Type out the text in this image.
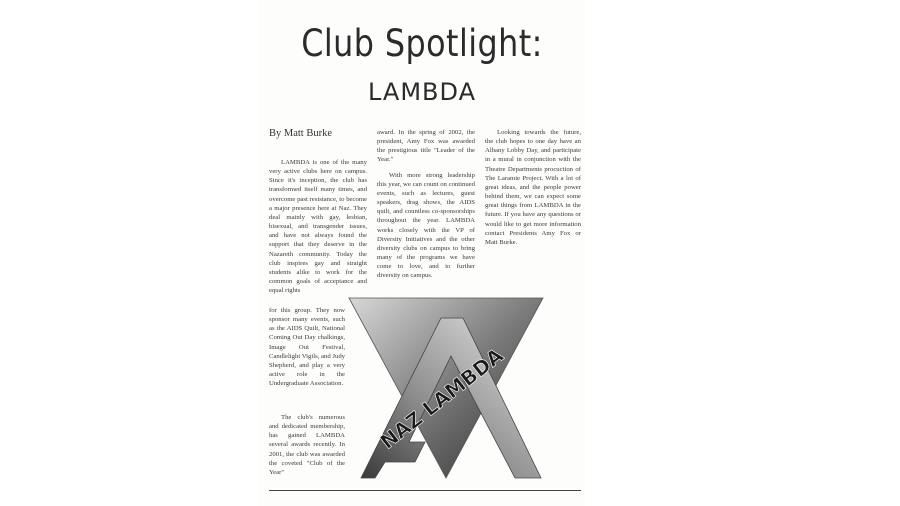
Club Spotlight:
LAMBDA
By Matt Burke

LAMBDA is one of the many very active clubs here on campus. Since it's inception, the club has transformed itself many times, and overcome past resistance, to become a major presence here at Naz. They deal mainly with gay, lesbian, bisexual, and transgender issues, and have not always found the support that they deserve in the Nazareth community. Today the club inspires gay and straight students alike to work for the common goals of acceptance and equal rights

for this group. They now sponsor many events, such as the AIDS Quilt, National Coming Out Day chalkings, Image Out Festival, Candlelight Vigils, and Judy Shepherd, and play a very active role in the Undergraduate Association.

The club's numerous and dedicated membership, has gained LAMBDA several awards recently. In 2001, the club was awarded the coveted "Club of the Year"

award. In the spring of 2002, the president, Amy Fox was awarded the prestigious title "Leader of the Year."

With more strong leadership this year, we can count on continued events, such as lectures, guest speakers, drag shows, the AIDS quilt, and countless co-sponsorships throughout the year. LAMBDA works closely with the VP of Diversity Initiatives and the other diversity clubs on campus to bring many of the programs we have come to love, and to further diversity on campus.

Looking towards the future, the club hopes to one day have an Albany Lobby Day, and participate in a mural in conjunction with the Theatre Departments procuction of The Laramie Project. With a lot of great ideas, and the people power behind them, we can expect some great things from LAMBDA in the future. If you have any questions or would like to get more information contact Presidents Amy Fox or Matt Burke.

NAZ LAMBDA
